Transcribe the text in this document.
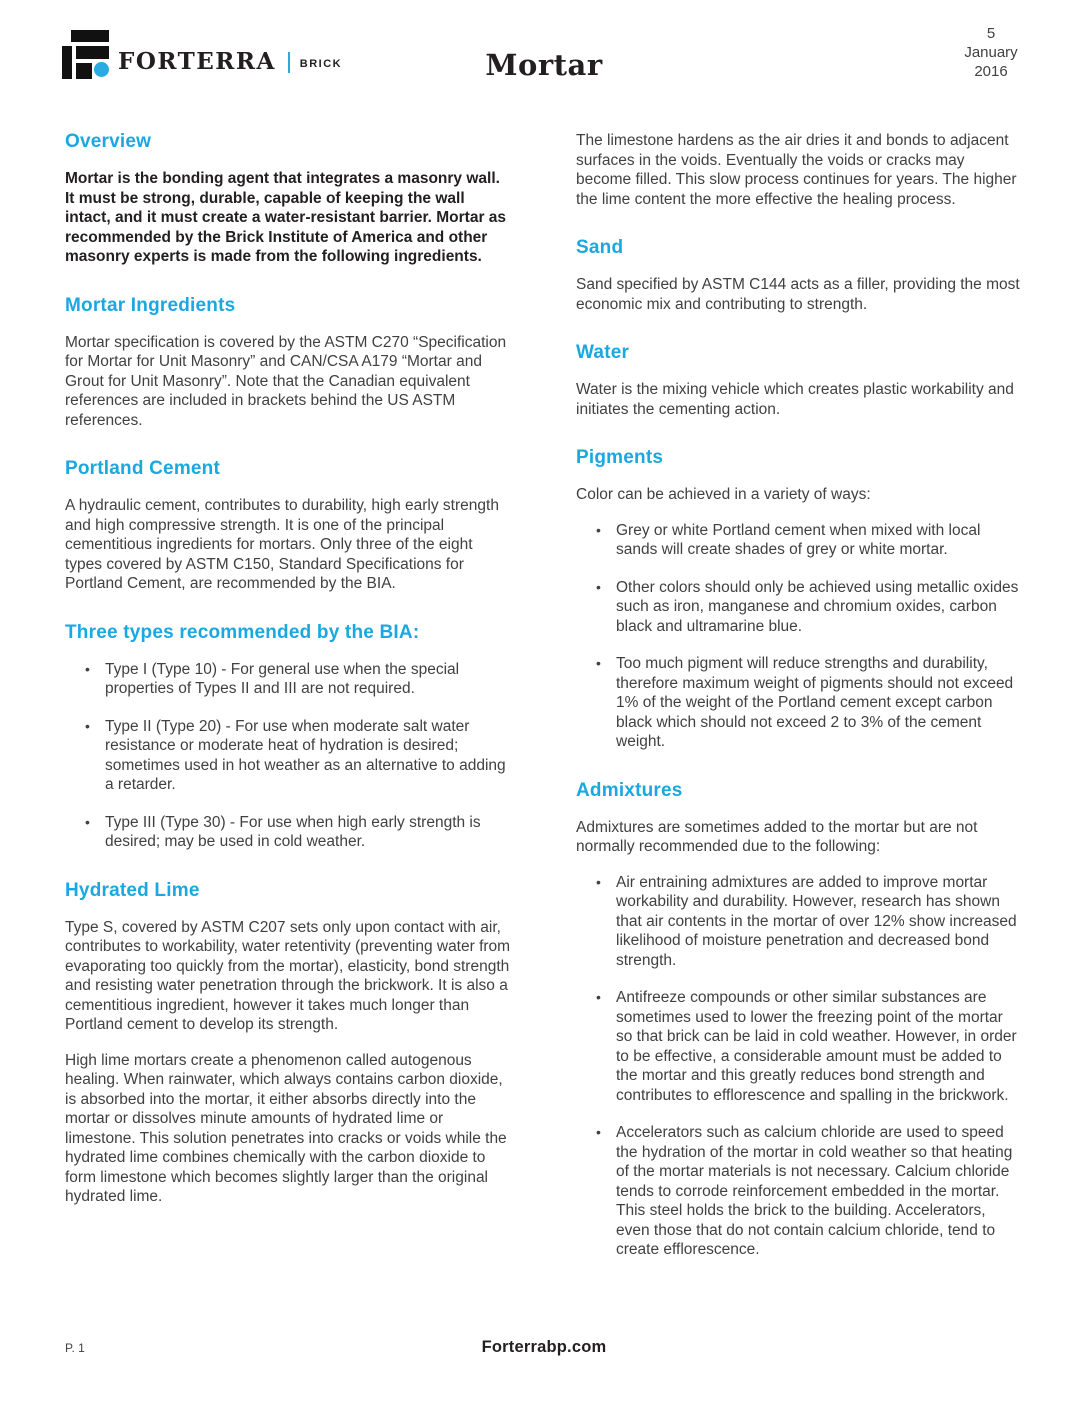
FORTERRA BRICK	Mortar
5
January
2016
Overview

Mortar is the bonding agent that integrates a masonry wall. It must be strong, durable, capable of keeping the wall intact, and it must create a water-resistant barrier. Mortar as recommended by the Brick Institute of America and other masonry experts is made from the following ingredients.

Mortar Ingredients

Mortar specification is covered by the ASTM C270 “Specification for Mortar for Unit Masonry” and CAN/CSA A179 “Mortar and Grout for Unit Masonry”. Note that the Canadian equivalent references are included in brackets behind the US ASTM references.

Portland Cement

A hydraulic cement, contributes to durability, high early strength and high compressive strength. It is one of the principal cementitious ingredients for mortars. Only three of the eight types covered by ASTM C150, Standard Specifications for Portland Cement, are recommended by the BIA.

Three types recommended by the BIA:
• Type I (Type 10) - For general use when the special properties of Types II and III are not required.
• Type II (Type 20) - For use when moderate salt water resistance or moderate heat of hydration is desired; sometimes used in hot weather as an alternative to adding a retarder.
• Type III (Type 30) - For use when high early strength is desired; may be used in cold weather.
Hydrated Lime

Type S, covered by ASTM C207 sets only upon contact with air, contributes to workability, water retentivity (preventing water from evaporating too quickly from the mortar), elasticity, bond strength and resisting water penetration through the brickwork. It is also a cementitious ingredient, however it takes much longer than Portland cement to develop its strength.

High lime mortars create a phenomenon called autogenous healing. When rainwater, which always contains carbon dioxide, is absorbed into the mortar, it either absorbs directly into the mortar or dissolves minute amounts of hydrated lime or limestone. This solution penetrates into cracks or voids while the hydrated lime combines chemically with the carbon dioxide to form limestone which becomes slightly larger than the original hydrated lime.

The limestone hardens as the air dries it and bonds to adjacent surfaces in the voids. Eventually the voids or cracks may become filled. This slow process continues for years. The higher the lime content the more effective the healing process.

Sand

Sand specified by ASTM C144 acts as a filler, providing the most economic mix and contributing to strength.

Water

Water is the mixing vehicle which creates plastic workability and initiates the cementing action.

Pigments

Color can be achieved in a variety of ways:

• Grey or white Portland cement when mixed with local sands will create shades of grey or white mortar.
• Other colors should only be achieved using metallic oxides such as iron, manganese and chromium oxides, carbon black and ultramarine blue.
• Too much pigment will reduce strengths and durability, therefore maximum weight of pigments should not exceed 1% of the weight of the Portland cement except carbon black which should not exceed 2 to 3% of the cement weight.
Admixtures

Admixtures are sometimes added to the mortar but are not normally recommended due to the following:

• Air entraining admixtures are added to improve mortar workability and durability. However, research has shown that air contents in the mortar of over 12% show increased likelihood of moisture penetration and decreased bond strength.
• Antifreeze compounds or other similar substances are sometimes used to lower the freezing point of the mortar so that brick can be laid in cold weather. However, in order to be effective, a considerable amount must be added to the mortar and this greatly reduces bond strength and contributes to efflorescence and spalling in the brickwork.
• Accelerators such as calcium chloride are used to speed the hydration of the mortar in cold weather so that heating of the mortar materials is not necessary. Calcium chloride tends to corrode reinforcement embedded in the mortar. This steel holds the brick to the building. Accelerators, even those that do not contain calcium chloride, tend to create efflorescence.
P. 1	Forterrabp.com
